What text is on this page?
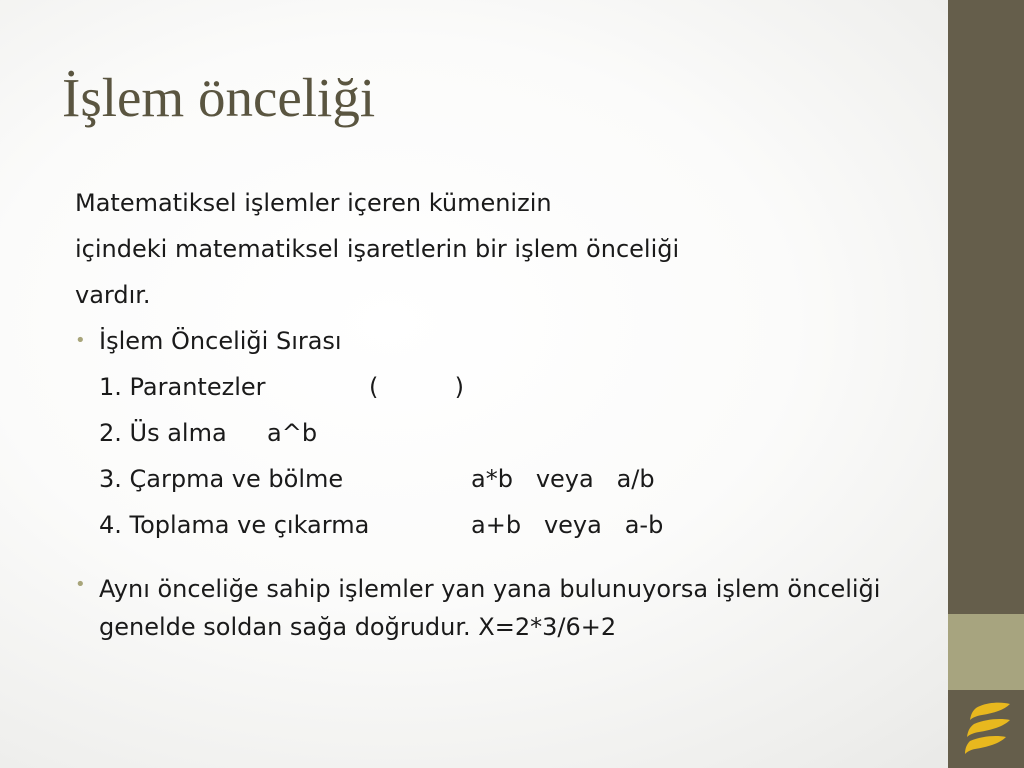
İşlem önceliği
Matematiksel işlemler içeren kümenizin
içindeki matematiksel işaretlerin bir işlem önceliği
vardır.
• İşlem Önceliği Sırası
1. Parantezler	(          )
2. Üs alma a^b
3. Çarpma ve bölme	a*b   veya   a/b
4. Toplama ve çıkarma	a+b   veya   a-b
• Aynı önceliğe sahip işlemler yan yana bulunuyorsa işlem önceliği genelde soldan sağa doğrudur. X=2*3/6+2
